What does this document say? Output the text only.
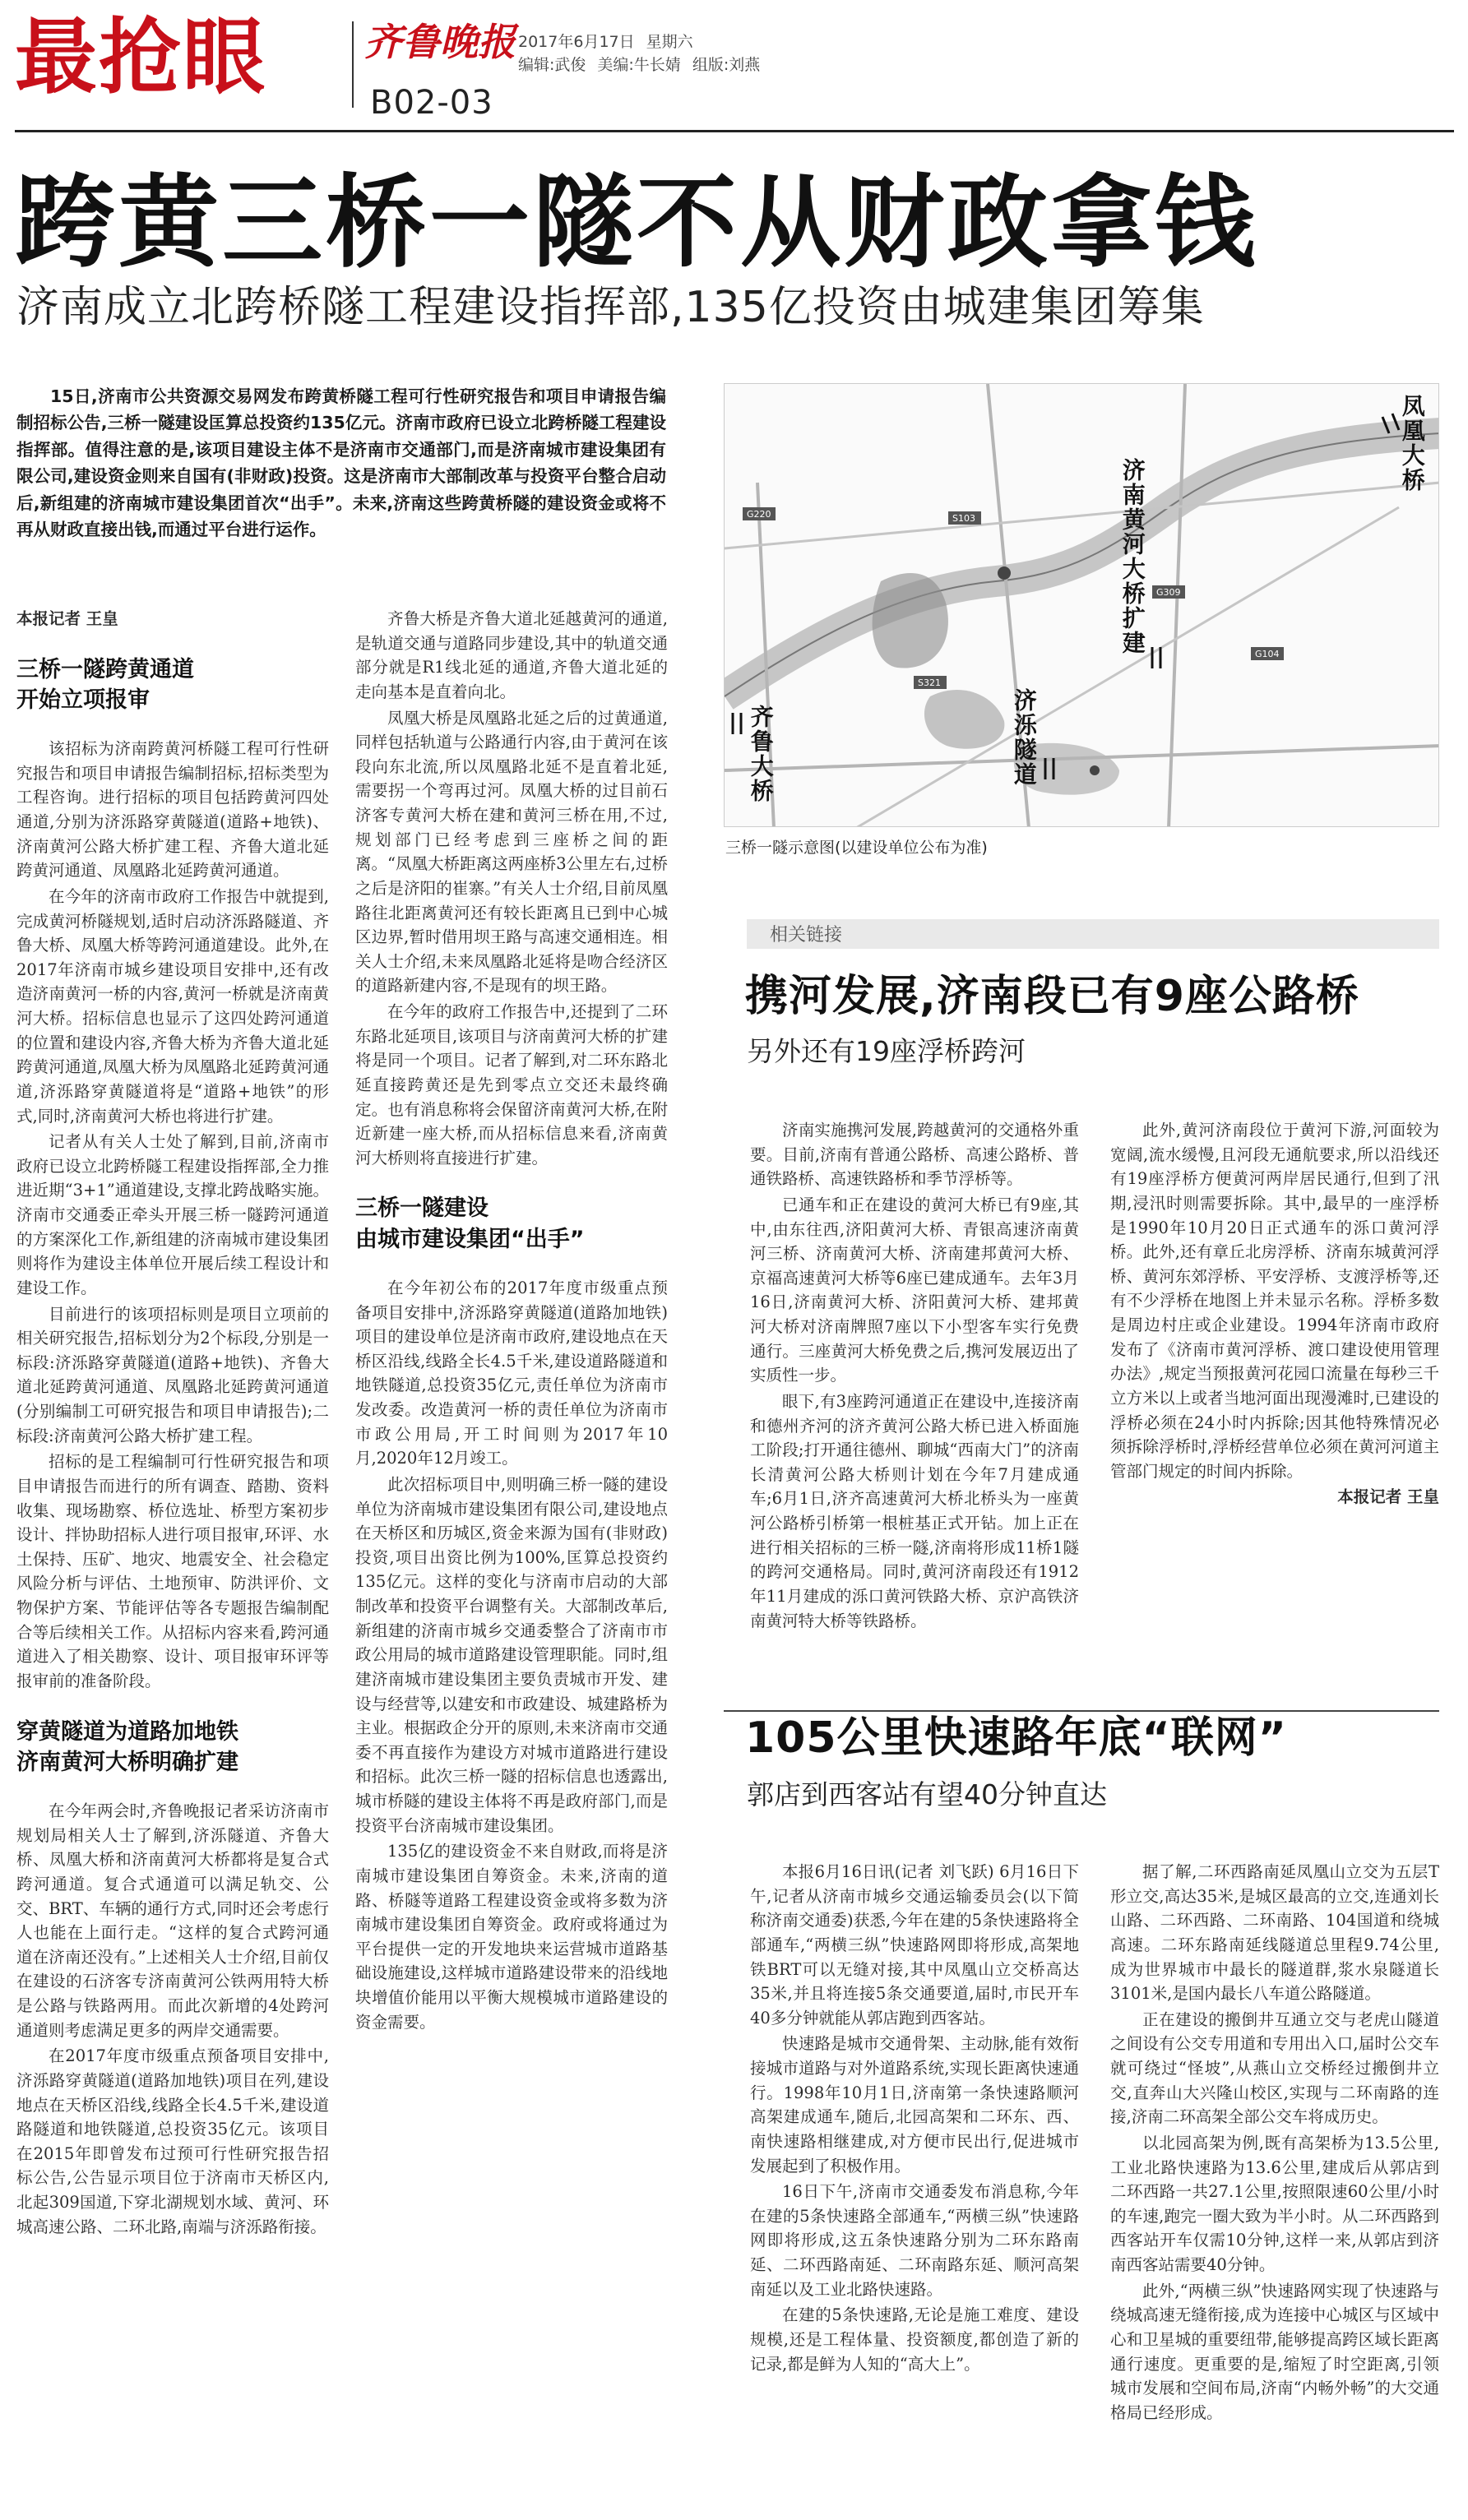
最抢眼	齐鲁晚报 2017年6月17日 星期六
编辑:武俊 美编:牛长婧 组版:刘燕
B02-03
跨黄三桥一隧不从财政拿钱
济南成立北跨桥隧工程建设指挥部,135亿投资由城建集团筹集
15日,济南市公共资源交易网发布跨黄桥隧工程可行性研究报告和项目申请报告编制招标公告,三桥一隧建设匡算总投资约135亿元。济南市政府已设立北跨桥隧工程建设指挥部。值得注意的是,该项目建设主体不是济南市交通部门,而是济南城市建设集团有限公司,建设资金则来自国有(非财政)投资。这是济南市大部制改革与投资平台整合启动后,新组建的济南城市建设集团首次“出手”。未来,济南这些跨黄桥隧的建设资金或将不再从财政直接出钱,而通过平台进行运作。

本报记者 王皇

三桥一隧跨黄通道
开始立项报审

该招标为济南跨黄河桥隧工程可行性研究报告和项目申请报告编制招标,招标类型为工程咨询。进行招标的项目包括跨黄河四处通道,分别为济泺路穿黄隧道(道路+地铁)、济南黄河公路大桥扩建工程、齐鲁大道北延跨黄河通道、凤凰路北延跨黄河通道。

在今年的济南市政府工作报告中就提到,完成黄河桥隧规划,适时启动济泺路隧道、齐鲁大桥、凤凰大桥等跨河通道建设。此外,在2017年济南市城乡建设项目安排中,还有改造济南黄河一桥的内容,黄河一桥就是济南黄河大桥。招标信息也显示了这四处跨河通道的位置和建设内容,齐鲁大桥为齐鲁大道北延跨黄河通道,凤凰大桥为凤凰路北延跨黄河通道,济泺路穿黄隧道将是“道路+地铁”的形式,同时,济南黄河大桥也将进行扩建。

记者从有关人士处了解到,目前,济南市政府已设立北跨桥隧工程建设指挥部,全力推进近期“3+1”通道建设,支撑北跨战略实施。济南市交通委正牵头开展三桥一隧跨河通道的方案深化工作,新组建的济南城市建设集团则将作为建设主体单位开展后续工程设计和建设工作。

目前进行的该项招标则是项目立项前的相关研究报告,招标划分为2个标段,分别是一标段:济泺路穿黄隧道(道路+地铁)、齐鲁大道北延跨黄河通道、凤凰路北延跨黄河通道(分别编制工可研究报告和项目申请报告);二标段:济南黄河公路大桥扩建工程。

招标的是工程编制可行性研究报告和项目申请报告而进行的所有调查、踏勘、资料收集、现场勘察、桥位选址、桥型方案初步设计、拌协助招标人进行项目报审,环评、水土保持、压矿、地灾、地震安全、社会稳定风险分析与评估、土地预审、防洪评价、文物保护方案、节能评估等各专题报告编制配合等后续相关工作。从招标内容来看,跨河通道进入了相关勘察、设计、项目报审环评等报审前的准备阶段。

穿黄隧道为道路加地铁
济南黄河大桥明确扩建

在今年两会时,齐鲁晚报记者采访济南市规划局相关人士了解到,济泺隧道、齐鲁大桥、凤凰大桥和济南黄河大桥都将是复合式跨河通道。复合式通道可以满足轨交、公交、BRT、车辆的通行方式,同时还会考虑行人也能在上面行走。“这样的复合式跨河通道在济南还没有。”上述相关人士介绍,目前仅在建设的石济客专济南黄河公铁两用特大桥是公路与铁路两用。而此次新增的4处跨河通道则考虑满足更多的两岸交通需要。

在2017年度市级重点预备项目安排中,济泺路穿黄隧道(道路加地铁)项目在列,建设地点在天桥区沿线,线路全长4.5千米,建设道路隧道和地铁隧道,总投资35亿元。该项目在2015年即曾发布过预可行性研究报告招标公告,公告显示项目位于济南市天桥区内,北起309国道,下穿北湖规划水域、黄河、环城高速公路、二环北路,南端与济泺路衔接。

齐鲁大桥是齐鲁大道北延越黄河的通道,是轨道交通与道路同步建设,其中的轨道交通部分就是R1线北延的通道,齐鲁大道北延的走向基本是直着向北。

凤凰大桥是凤凰路北延之后的过黄通道,同样包括轨道与公路通行内容,由于黄河在该段向东北流,所以凤凰路北延不是直着北延,需要拐一个弯再过河。凤凰大桥的过目前石济客专黄河大桥在建和黄河三桥在用,不过,规划部门已经考虑到三座桥之间的距离。“凤凰大桥距离这两座桥3公里左右,过桥之后是济阳的崔寨。”有关人士介绍,目前凤凰路往北距离黄河还有较长距离且已到中心城区边界,暂时借用坝王路与高速交通相连。相关人士介绍,未来凤凰路北延将是吻合经济区的道路新建内容,不是现有的坝王路。

在今年的政府工作报告中,还提到了二环东路北延项目,该项目与济南黄河大桥的扩建将是同一个项目。记者了解到,对二环东路北延直接跨黄还是先到零点立交还未最终确定。也有消息称将会保留济南黄河大桥,在附近新建一座大桥,而从招标信息来看,济南黄河大桥则将直接进行扩建。

三桥一隧建设
由城市建设集团“出手”

在今年初公布的2017年度市级重点预备项目安排中,济泺路穿黄隧道(道路加地铁)项目的建设单位是济南市政府,建设地点在天桥区沿线,线路全长4.5千米,建设道路隧道和地铁隧道,总投资35亿元,责任单位为济南市发改委。改造黄河一桥的责任单位为济南市市政公用局,开工时间则为2017年10月,2020年12月竣工。

此次招标项目中,则明确三桥一隧的建设单位为济南城市建设集团有限公司,建设地点在天桥区和历城区,资金来源为国有(非财政)投资,项目出资比例为100%,匡算总投资约135亿元。这样的变化与济南市启动的大部制改革和投资平台调整有关。大部制改革后,新组建的济南市城乡交通委整合了济南市市政公用局的城市道路建设管理职能。同时,组建济南城市建设集团主要负责城市开发、建设与经营等,以建安和市政建设、城建路桥为主业。根据政企分开的原则,未来济南市交通委不再直接作为建设方对城市道路进行建设和招标。此次三桥一隧的招标信息也透露出,城市桥隧的建设主体将不再是政府部门,而是投资平台济南城市建设集团。

135亿的建设资金不来自财政,而将是济南城市建设集团自筹资金。未来,济南的道路、桥隧等道路工程建设资金或将多数为济南城市建设集团自筹资金。政府或将通过为平台提供一定的开发地块来运营城市道路基础设施建设,这样城市道路建设带来的沿线地块增值价能用以平衡大规模城市道路建设的资金需要。

G220	S103
G309
S321
G104
凤凰大桥
济南黄河大桥扩建
齐鲁大桥	济泺隧道
三桥一隧示意图(以建设单位公布为准)
相关链接
携河发展,济南段已有9座公路桥
另外还有19座浮桥跨河

济南实施携河发展,跨越黄河的交通格外重要。目前,济南有普通公路桥、高速公路桥、普通铁路桥、高速铁路桥和季节浮桥等。

已通车和正在建设的黄河大桥已有9座,其中,由东往西,济阳黄河大桥、青银高速济南黄河三桥、济南黄河大桥、济南建邦黄河大桥、京福高速黄河大桥等6座已建成通车。去年3月16日,济南黄河大桥、济阳黄河大桥、建邦黄河大桥对济南牌照7座以下小型客车实行免费通行。三座黄河大桥免费之后,携河发展迈出了实质性一步。

眼下,有3座跨河通道正在建设中,连接济南和德州齐河的济齐黄河公路大桥已进入桥面施工阶段;打开通往德州、聊城“西南大门”的济南长清黄河公路大桥则计划在今年7月建成通车;6月1日,济齐高速黄河大桥北桥头为一座黄河公路桥引桥第一根桩基正式开钻。加上正在进行相关招标的三桥一隧,济南将形成11桥1隧的跨河交通格局。同时,黄河济南段还有1912年11月建成的泺口黄河铁路大桥、京沪高铁济南黄河特大桥等铁路桥。

此外,黄河济南段位于黄河下游,河面较为宽阔,流水缓慢,且河段无通航要求,所以沿线还有19座浮桥方便黄河两岸居民通行,但到了汛期,浸汛时则需要拆除。其中,最早的一座浮桥是1990年10月20日正式通车的泺口黄河浮桥。此外,还有章丘北房浮桥、济南东城黄河浮桥、黄河东郊浮桥、平安浮桥、支渡浮桥等,还有不少浮桥在地图上并未显示名称。浮桥多数是周边村庄或企业建设。1994年济南市政府发布了《济南市黄河浮桥、渡口建设使用管理办法》,规定当预报黄河花园口流量在每秒三千立方米以上或者当地河面出现漫滩时,已建设的浮桥必须在24小时内拆除;因其他特殊情况必须拆除浮桥时,浮桥经营单位必须在黄河河道主管部门规定的时间内拆除。

本报记者 王皇

105公里快速路年底“联网”
郭店到西客站有望40分钟直达

本报6月16日讯(记者 刘飞跃) 6月16日下午,记者从济南市城乡交通运输委员会(以下简称济南交通委)获悉,今年在建的5条快速路将全部通车,“两横三纵”快速路网即将形成,高架地铁BRT可以无缝对接,其中凤凰山立交桥高达35米,并且将连接5条交通要道,届时,市民开车40多分钟就能从郭店跑到西客站。

快速路是城市交通骨架、主动脉,能有效衔接城市道路与对外道路系统,实现长距离快速通行。1998年10月1日,济南第一条快速路顺河高架建成通车,随后,北园高架和二环东、西、南快速路相继建成,对方便市民出行,促进城市发展起到了积极作用。

16日下午,济南市交通委发布消息称,今年在建的5条快速路全部通车,“两横三纵”快速路网即将形成,这五条快速路分别为二环东路南延、二环西路南延、二环南路东延、顺河高架南延以及工业北路快速路。

在建的5条快速路,无论是施工难度、建设规模,还是工程体量、投资额度,都创造了新的记录,都是鲜为人知的“高大上”。

据了解,二环西路南延凤凰山立交为五层T形立交,高达35米,是城区最高的立交,连通刘长山路、二环西路、二环南路、104国道和绕城高速。二环东路南延线隧道总里程9.74公里,成为世界城市中最长的隧道群,浆水泉隧道长3101米,是国内最长八车道公路隧道。

正在建设的搬倒井互通立交与老虎山隧道之间设有公交专用道和专用出入口,届时公交车就可绕过“怪坡”,从燕山立交桥经过搬倒井立交,直奔山大兴隆山校区,实现与二环南路的连接,济南二环高架全部公交车将成历史。

以北园高架为例,既有高架桥为13.5公里,工业北路快速路为13.6公里,建成后从郭店到二环西路一共27.1公里,按照限速60公里/小时的车速,跑完一圈大致为半小时。从二环西路到西客站开车仅需10分钟,这样一来,从郭店到济南西客站需要40分钟。

此外,“两横三纵”快速路网实现了快速路与绕城高速无缝衔接,成为连接中心城区与区域中心和卫星城的重要纽带,能够提高跨区域长距离通行速度。更重要的是,缩短了时空距离,引领城市发展和空间布局,济南“内畅外畅”的大交通格局已经形成。
